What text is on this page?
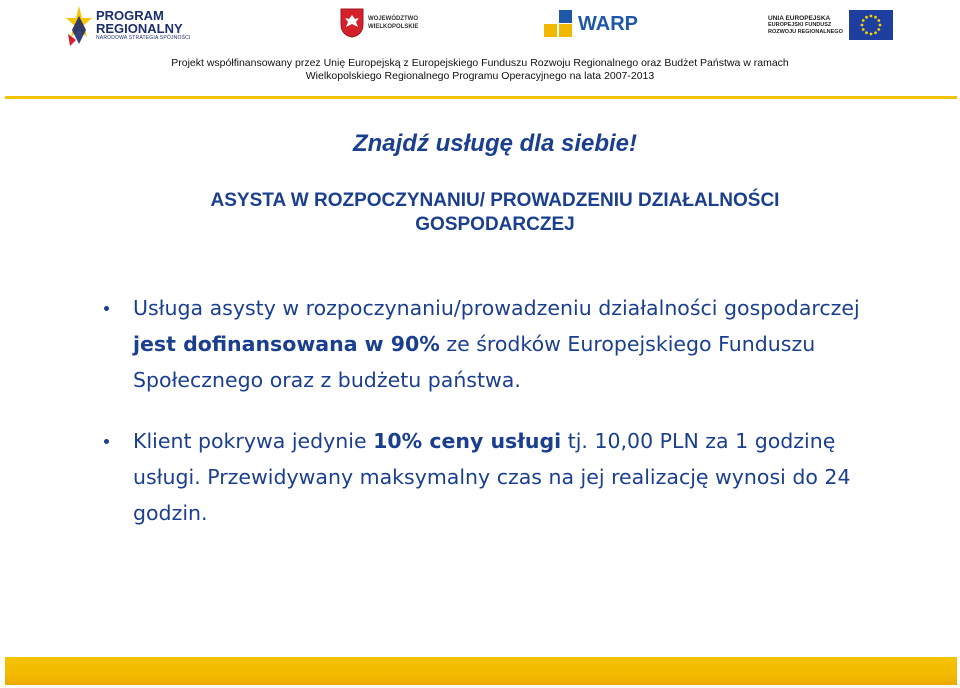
PROGRAM
REGIONALNY
NARODOWA STRATEGIA SPÓJNOŚCI
WOJEWÓDZTWO
WIELKOPOLSKIE	WARP	UNIA EUROPEJSKA
EUROPEJSKI FUNDUSZ
ROZWOJU REGIONALNEGO
Projekt współfinansowany przez Unię Europejską z Europejskiego Funduszu Rozwoju Regionalnego oraz Budżet Państwa w ramach
Wielkopolskiego Regionalnego Programu Operacyjnego na lata 2007-2013
Znajdź usługę dla siebie!
ASYSTA W ROZPOCZYNANIU/ PROWADZENIU DZIAŁALNOŚCI
GOSPODARCZEJ
Usługa asysty w rozpoczynaniu/prowadzeniu działalności gospodarczej jest dofinansowana w 90% ze środków Europejskiego Funduszu Społecznego oraz z budżetu państwa.
Klient pokrywa jedynie 10% ceny usługi tj. 10,00 PLN za 1 godzinę usługi. Przewidywany maksymalny czas na jej realizację wynosi do 24 godzin.
